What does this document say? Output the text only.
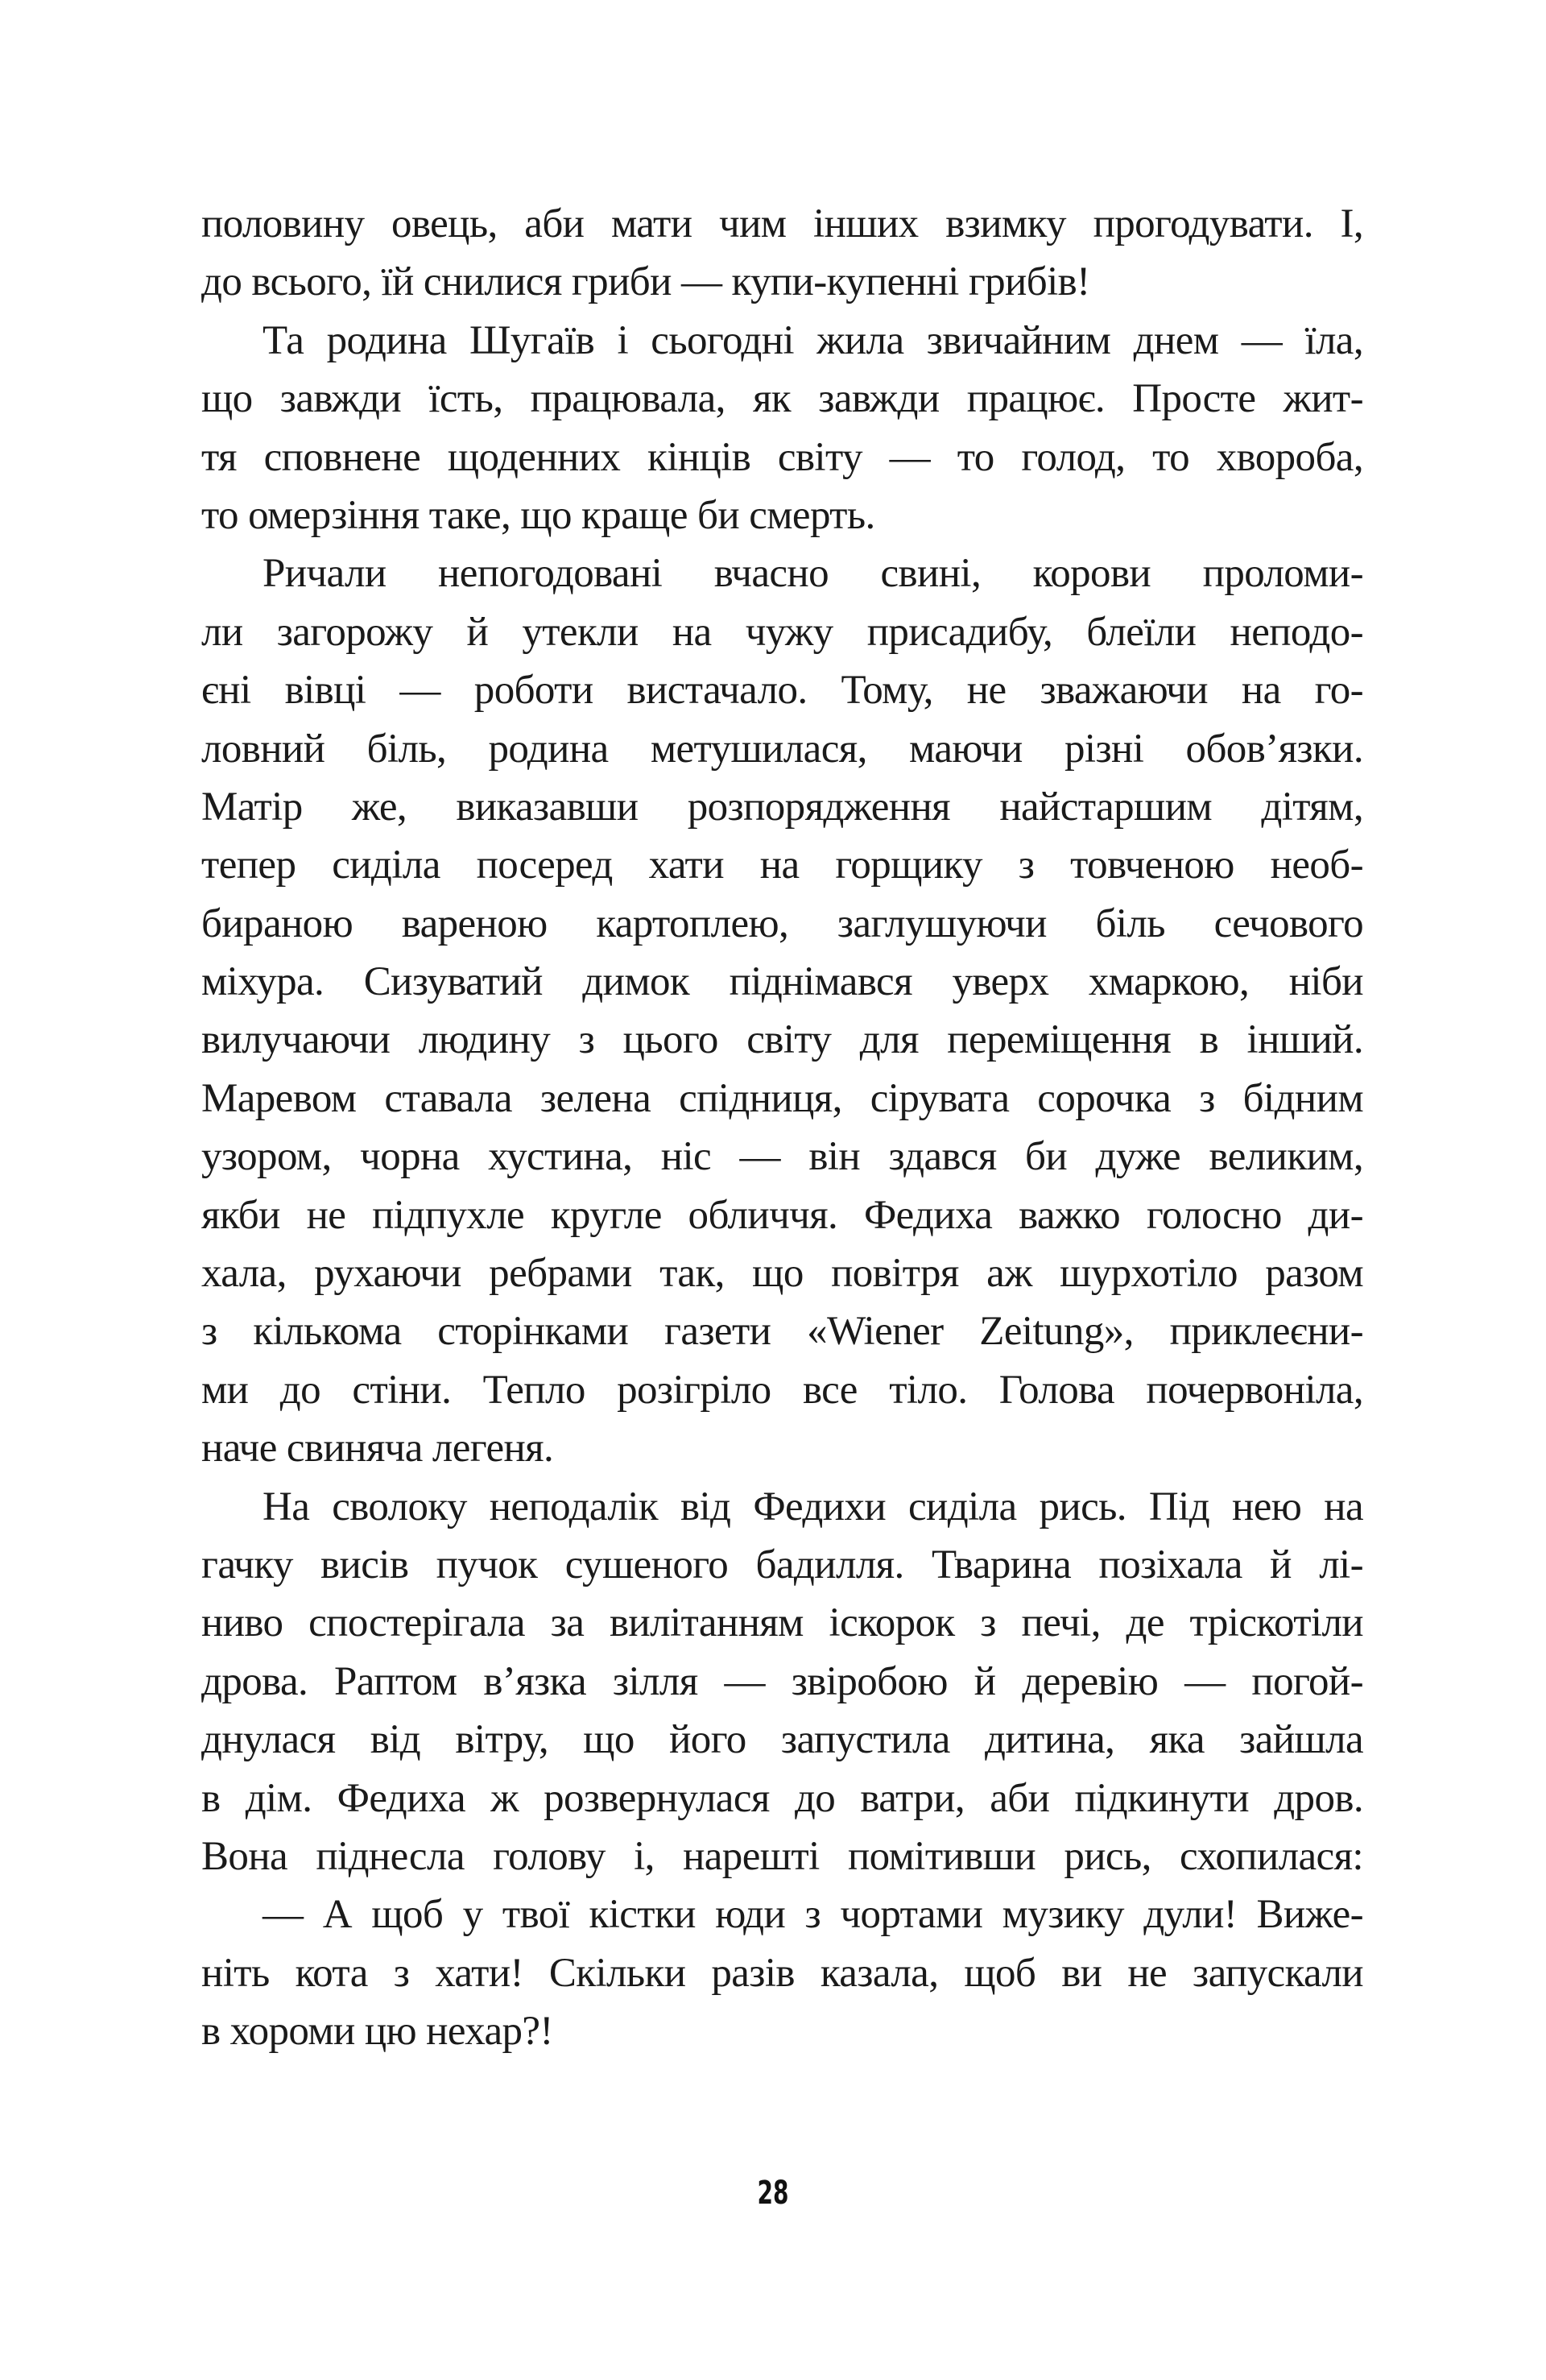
половину овець, аби мати чим інших взимку прогодувати. І,
до всього, їй снилися гриби — купи-купенні грибів!
Та родина Шугаїв і сьогодні жила звичайним днем — їла,
що завжди їсть, працювала, як завжди працює. Просте жит-
тя сповнене щоденних кінців світу — то голод, то хвороба,
то омерзіння таке, що краще би смерть.
Ричали непогодовані вчасно свині, корови проломи-
ли загорожу й утекли на чужу присадибу, блеїли неподо-
єні вівці — роботи вистачало. Тому, не зважаючи на го-
ловний біль, родина метушилася, маючи різні обов’язки.
Матір же, виказавши розпорядження найстаршим дітям,
тепер сиділа посеред хати на горщику з товченою необ-
бираною вареною картоплею, заглушуючи біль сечового
міхура. Сизуватий димок піднімався уверх хмаркою, ніби
вилучаючи людину з цього світу для переміщення в інший.
Маревом ставала зелена спідниця, сірувата сорочка з бідним
узором, чорна хустина, ніс — він здався би дуже великим,
якби не підпухле кругле обличчя. Федиха важко голосно ди-
хала, рухаючи ребрами так, що повітря аж шурхотіло разом
з кількома сторінками газети «Wiener Zeitung», приклеєни-
ми до стіни. Тепло розігріло все тіло. Голова почервоніла,
наче свиняча легеня.
На сволоку неподалік від Федихи сиділа рись. Під нею на
гачку висів пучок сушеного бадилля. Тварина позіхала й лі-
ниво спостерігала за вилітанням іскорок з печі, де тріскотіли
дрова. Раптом в’язка зілля — звіробою й деревію — погой-
днулася від вітру, що його запустила дитина, яка зайшла
в дім. Федиха ж розвернулася до ватри, аби підкинути дров.
Вона піднесла голову і, нарешті помітивши рись, схопилася:
— А щоб у твої кістки юди з чортами музику дули! Виже-
ніть кота з хати! Скільки разів казала, щоб ви не запускали
в хороми цю нехар?!
28
